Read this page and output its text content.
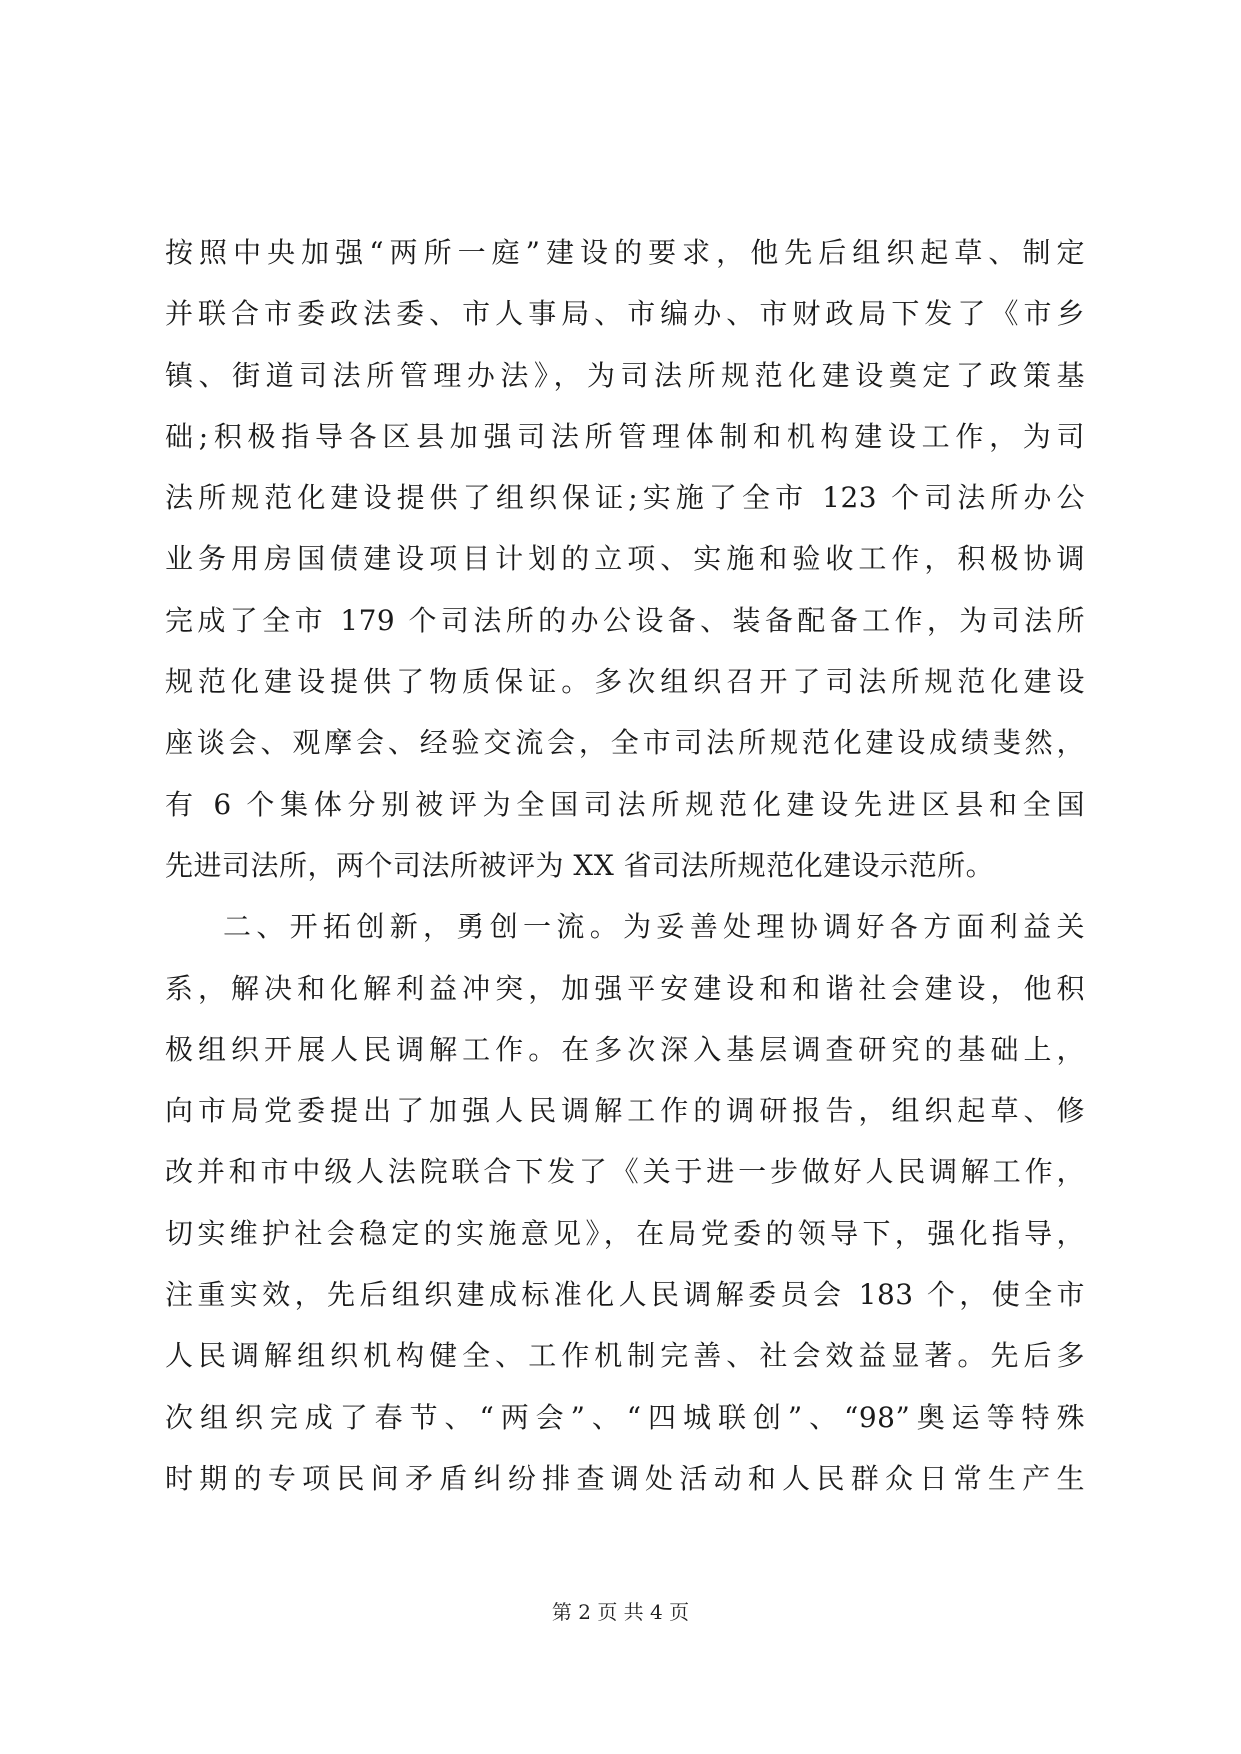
按照中央加强“两所一庭”建设的要求，他先后组织起草、制定
并联合市委政法委、市人事局、市编办、市财政局下发了《市乡
镇、街道司法所管理办法》，为司法所规范化建设奠定了政策基
础;积极指导各区县加强司法所管理体制和机构建设工作，为司
法所规范化建设提供了组织保证;实施了全市 123 个司法所办公
业务用房国债建设项目计划的立项、实施和验收工作，积极协调
完成了全市 179 个司法所的办公设备、装备配备工作，为司法所
规范化建设提供了物质保证。多次组织召开了司法所规范化建设
座谈会、观摩会、经验交流会，全市司法所规范化建设成绩斐然，
有 6 个集体分别被评为全国司法所规范化建设先进区县和全国
先进司法所，两个司法所被评为 XX 省司法所规范化建设示范所。
二、开拓创新，勇创一流。为妥善处理协调好各方面利益关
系，解决和化解利益冲突，加强平安建设和和谐社会建设，他积
极组织开展人民调解工作。在多次深入基层调查研究的基础上，
向市局党委提出了加强人民调解工作的调研报告，组织起草、修
改并和市中级人法院联合下发了《关于进一步做好人民调解工作，
切实维护社会稳定的实施意见》，在局党委的领导下，强化指导，
注重实效，先后组织建成标准化人民调解委员会 183 个，使全市
人民调解组织机构健全、工作机制完善、社会效益显著。先后多
次组织完成了春节、“两会”、“四城联创”、“98”奥运等特殊
时期的专项民间矛盾纠纷排查调处活动和人民群众日常生产生
第 2 页 共 4 页
